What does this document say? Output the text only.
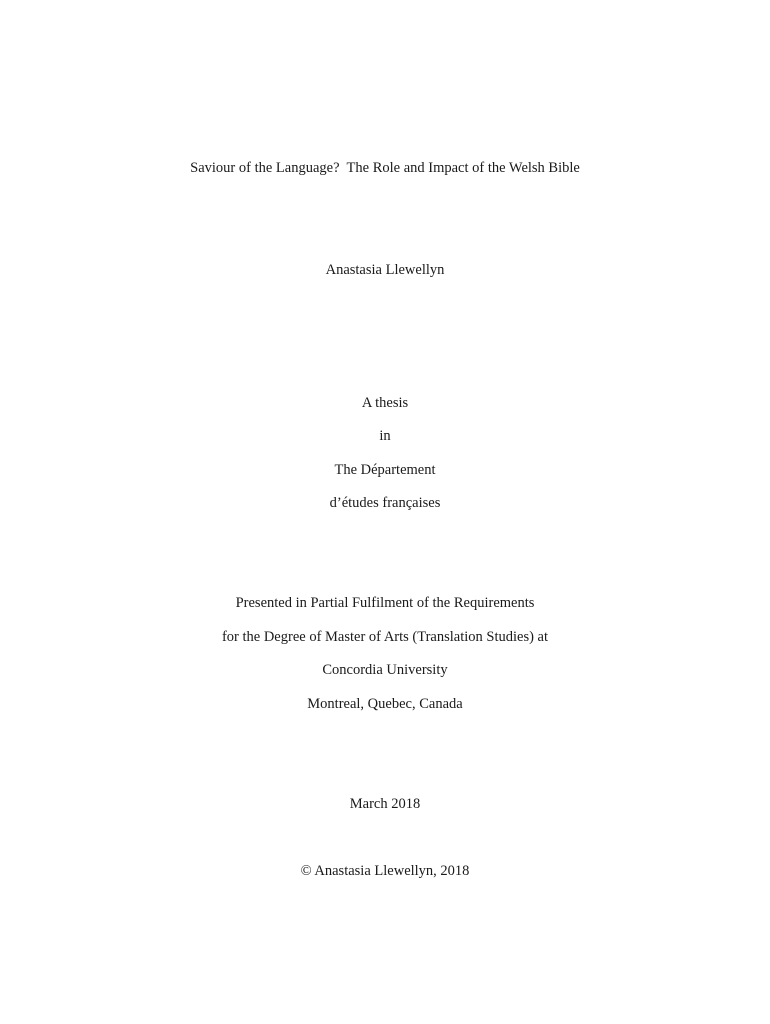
Saviour of the Language?  The Role and Impact of the Welsh Bible
Anastasia Llewellyn
A thesis
in
The Département
d’études françaises
Presented in Partial Fulfilment of the Requirements
for the Degree of Master of Arts (Translation Studies) at
Concordia University
Montreal, Quebec, Canada
March 2018
© Anastasia Llewellyn, 2018
